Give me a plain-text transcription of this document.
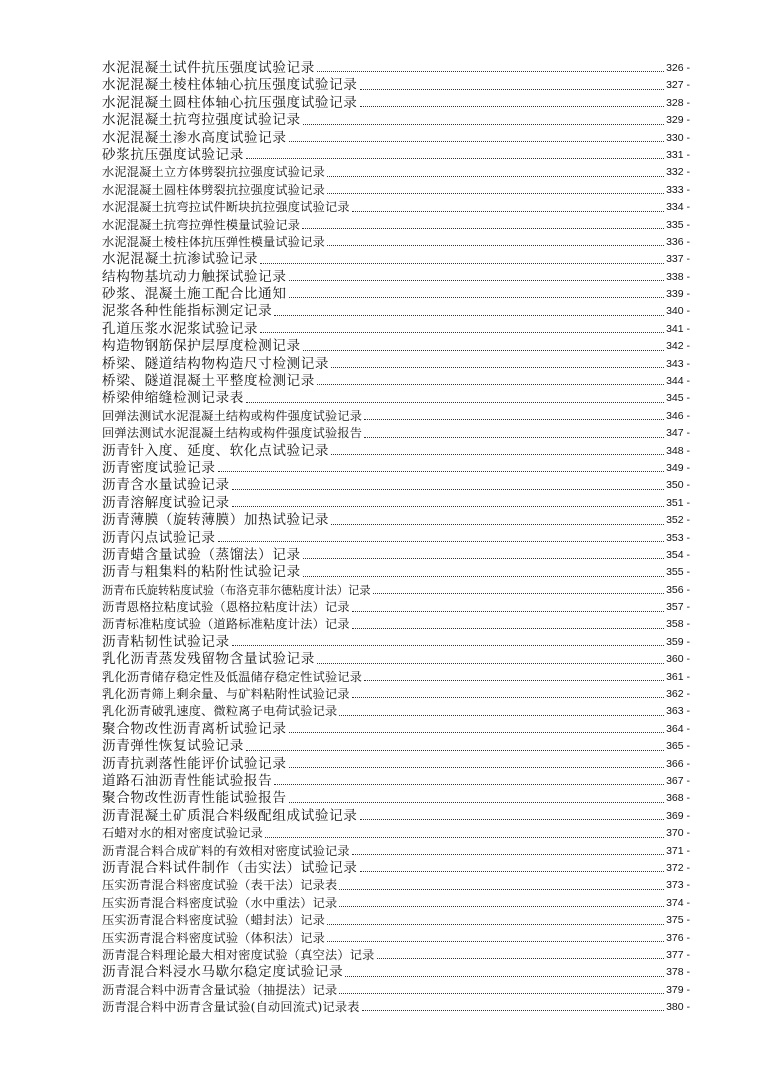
水泥混凝土试件抗压强度试验记录	326 -
水泥混凝土棱柱体轴心抗压强度试验记录	327 -
水泥混凝土圆柱体轴心抗压强度试验记录	328 -
水泥混凝土抗弯拉强度试验记录	329 -
水泥混凝土渗水高度试验记录	330 -
砂浆抗压强度试验记录	331 -
水泥混凝土立方体劈裂抗拉强度试验记录	332 -
水泥混凝土圆柱体劈裂抗拉强度试验记录	333 -
水泥混凝土抗弯拉试件断块抗拉强度试验记录	334 -
水泥混凝土抗弯拉弹性模量试验记录	335 -
水泥混凝土棱柱体抗压弹性模量试验记录	336 -
水泥混凝土抗渗试验记录	337 -
结构物基坑动力触探试验记录	338 -
砂浆、混凝土施工配合比通知	339 -
泥浆各种性能指标测定记录	340 -
孔道压浆水泥浆试验记录	341 -
构造物钢筋保护层厚度检测记录	342 -
桥梁、隧道结构物构造尺寸检测记录	343 -
桥梁、隧道混凝土平整度检测记录	344 -
桥梁伸缩缝检测记录表	345 -
回弹法测试水泥混凝土结构或构件强度试验记录	346 -
回弹法测试水泥混凝土结构或构件强度试验报告	347 -
沥青针入度、延度、软化点试验记录	348 -
沥青密度试验记录	349 -
沥青含水量试验记录	350 -
沥青溶解度试验记录	351 -
沥青薄膜（旋转薄膜）加热试验记录	352 -
沥青闪点试验记录	353 -
沥青蜡含量试验（蒸馏法）记录	354 -
沥青与粗集料的粘附性试验记录	355 -
沥青布氏旋转粘度试验（布洛克菲尔德粘度计法）记录	356 -
沥青恩格拉粘度试验（恩格拉粘度计法）记录	357 -
沥青标准粘度试验（道路标准粘度计法）记录	358 -
沥青粘韧性试验记录	359 -
乳化沥青蒸发残留物含量试验记录	360 -
乳化沥青储存稳定性及低温储存稳定性试验记录	361 -
乳化沥青筛上剩余量、与矿料粘附性试验记录	362 -
乳化沥青破乳速度、微粒离子电荷试验记录	363 -
聚合物改性沥青离析试验记录	364 -
沥青弹性恢复试验记录	365 -
沥青抗剥落性能评价试验记录	366 -
道路石油沥青性能试验报告	367 -
聚合物改性沥青性能试验报告	368 -
沥青混凝土矿质混合料级配组成试验记录	369 -
石蜡对水的相对密度试验记录	370 -
沥青混合料合成矿料的有效相对密度试验记录	371 -
沥青混合料试件制作（击实法）试验记录	372 -
压实沥青混合料密度试验（表干法）记录表	373 -
压实沥青混合料密度试验（水中重法）记录	374 -
压实沥青混合料密度试验（蜡封法）记录	375 -
压实沥青混合料密度试验（体积法）记录	376 -
沥青混合料理论最大相对密度试验（真空法）记录	377 -
沥青混合料浸水马歇尔稳定度试验记录	378 -
沥青混合料中沥青含量试验（抽提法）记录	379 -
沥青混合料中沥青含量试验(自动回流式)记录表	380 -
